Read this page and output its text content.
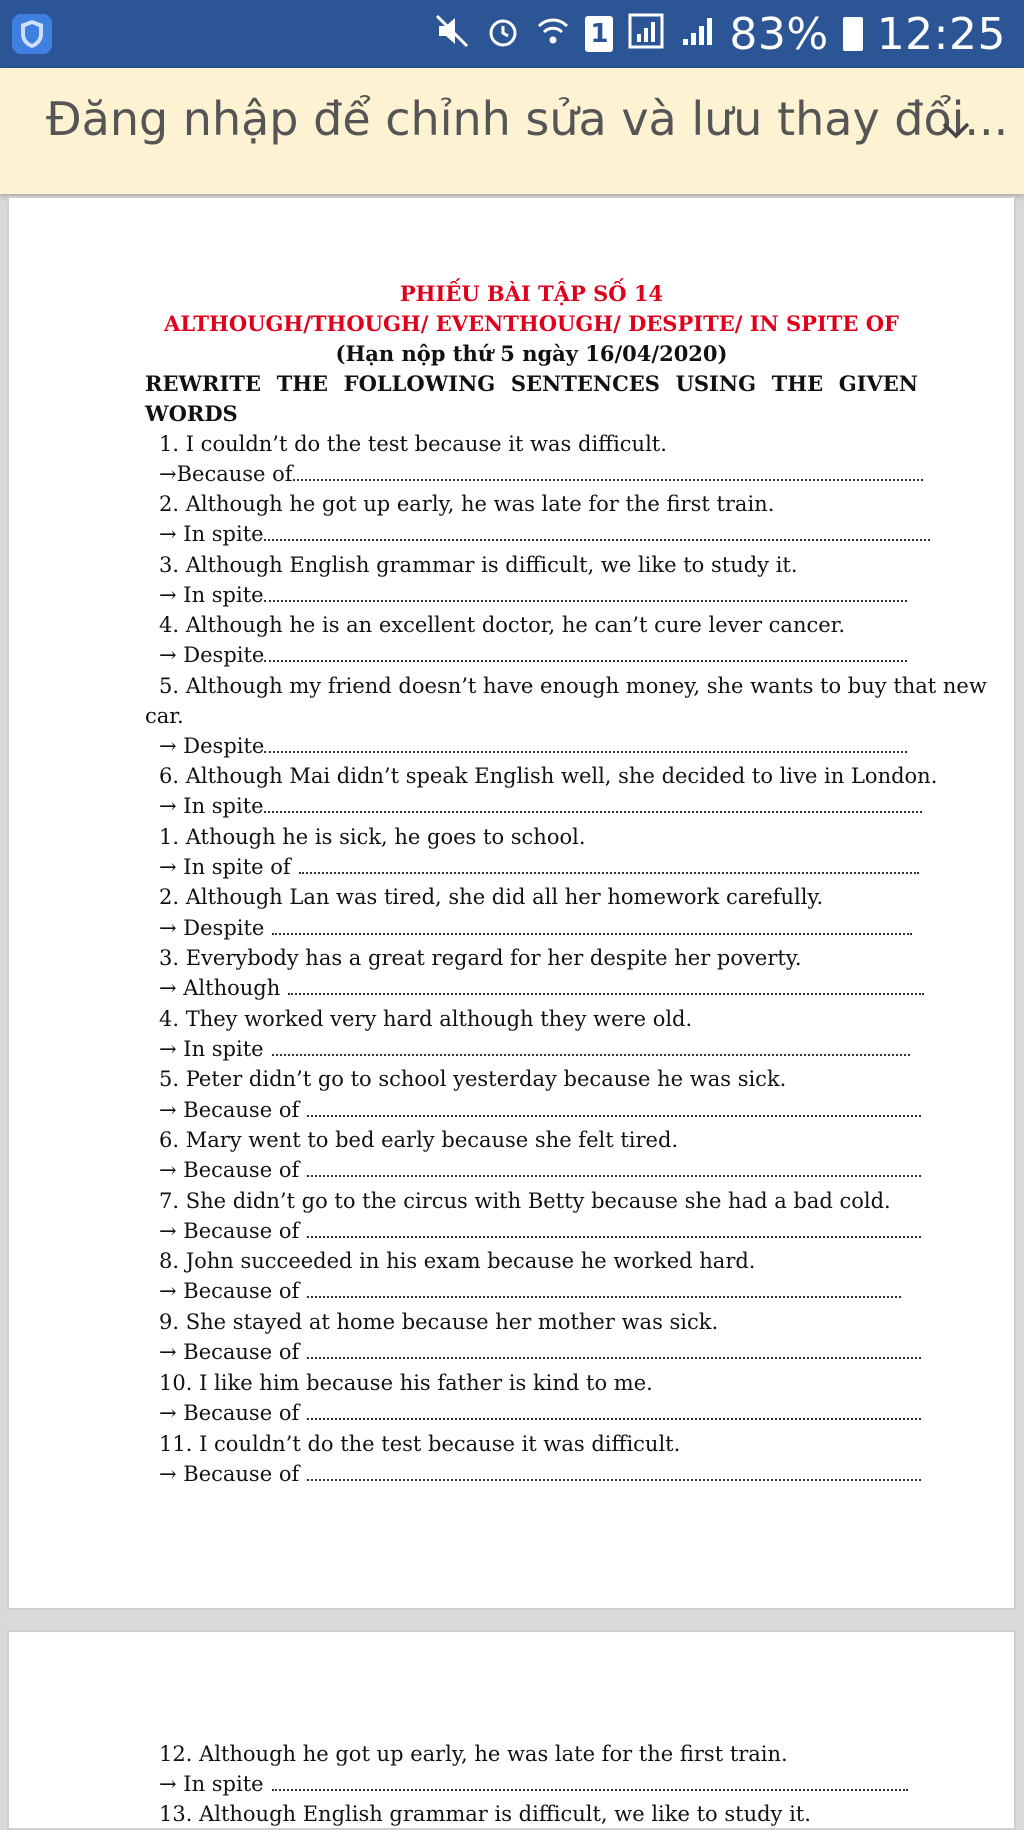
1	83% 12:25
Đăng nhập để chỉnh sửa và lưu thay đổi...
PHIẾU BÀI TẬP SỐ 14
ALTHOUGH/THOUGH/ EVENTHOUGH/ DESPITE/ IN SPITE OF
(Hạn nộp thứ 5 ngày 16/04/2020)
REWRITE THE FOLLOWING SENTENCES USING THE GIVEN
WORDS
1. I couldn’t do the test because it was difficult.
→Because of
2. Although he got up early, he was late for the first train.
→ In spite
3. Although English grammar is difficult, we like to study it.
→ In spite
4. Although he is an excellent doctor, he can’t cure lever cancer.
→ Despite
5. Although my friend doesn’t have enough money, she wants to buy that new
car.
→ Despite
6. Although Mai didn’t speak English well, she decided to live in London.
→ In spite
1. Athough he is sick, he goes to school.
→ In spite of
2. Although Lan was tired, she did all her homework carefully.
→ Despite
3. Everybody has a great regard for her despite her poverty.
→ Although
4. They worked very hard although they were old.
→ In spite
5. Peter didn’t go to school yesterday because he was sick.
→ Because of
6. Mary went to bed early because she felt tired.
→ Because of
7. She didn’t go to the circus with Betty because she had a bad cold.
→ Because of
8. John succeeded in his exam because he worked hard.
→ Because of
9. She stayed at home because her mother was sick.
→ Because of
10. I like him because his father is kind to me.
→ Because of
11. I couldn’t do the test because it was difficult.
→ Because of
12. Although he got up early, he was late for the first train.
→ In spite
13. Although English grammar is difficult, we like to study it.
